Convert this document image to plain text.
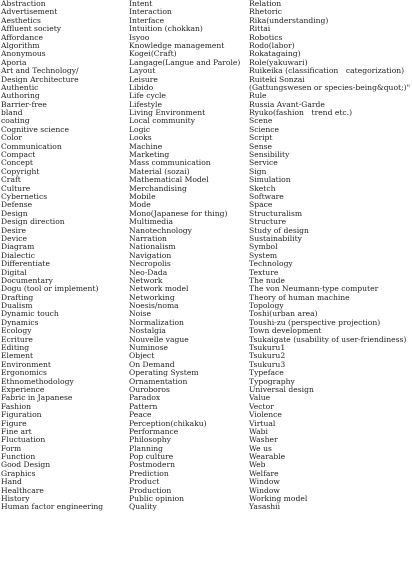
Abstraction
Advertisement
Aesthetics
Affluent society
Affordance
Algorithm
Anonymous
Aporia
Art and Technology/
Design Architecture
Authentic
Authoring
Barrier-free
bland
coating
Cognitive science
Color
Communication
Compact
Concept
Copyright
Craft
Culture
Cybernetics
Defense
Design
Design direction
Desire
Device
Diagram
Dialectic
Differentiate
Digital
Documentary
Dogu (tool or implement)
Drafting
Dualism
Dynamic touch
Dynamics
Ecology
Ecriture
Editing
Element
Environment
Ergonomics
Ethnomethodology
Experience
Fabric in Japanese
Fashion
Figuration
Figure
Fine art
Fluctuation
Form
Function
Good Design
Graphics
Hand
Healthcare
History
Human factor engineering
Intent
Interaction
Interface
Intuition (chokkan)
Isyoo
Knowledge management
Kogei(Craft)
Langage(Langue and Parole)
Layout
Leisure
Libido
Life cycle
Lifestyle
Living Environment
Local community
Logic
Looks
Machine
Marketing
Mass communication
Material (sozai)
Mathematical Model
Merchandising
Mobile
Mode
Mono(Japanese for thing)
Multimedia
Nanotechnology
Narration
Nationalism
Navigation
Necropolis
Neo-Dada
Network
Network model
Networking
Noesis/noma
Noise
Normalization
Nostalgia
Nouvelle vague
Numinose
Object
On Demand
Operating System
Ornamentation
Ouroboros
Paradox
Pattern
Peace
Perception(chikaku)
Performance
Philosophy
Planning
Pop culture
Postmodern
Prediction
Product
Production
Public opinion
Quality
Relation
Rhetoric
Rika(understanding)
Rittai
Robotics
Rodo(labor)
Rokatagaing)
Role(yakuwari)
Ruikeika (classification　categorization)
Ruiteki Sonzai
(Gattungswesen or species-being&quot;)"
Rule
Russia Avant-Garde
Ryuko(fashion　trend etc.)
Scene
Science
Script
Sense
Sensibility
Service
Sign
Simulation
Sketch
Software
Space
Structuralism
Structure
Study of design
Sustainability
Symbol
System
Technology
Texture
The nude
The von Neumann-type computer
Theory of human machine
Topology
Toshi(urban area)
Toushi-zu (perspective projection)
Town development
Tsukaigate (usability of user-friendiness)
Tsukuru1
Tsukuru2
Tsukuru3
Typeface
Typography
Universal design
Value
Vector
Violence
Virtual
Wabi
Washer
We us
Wearable
Web
Welfare
Window
Window
Working model
Yasashii
